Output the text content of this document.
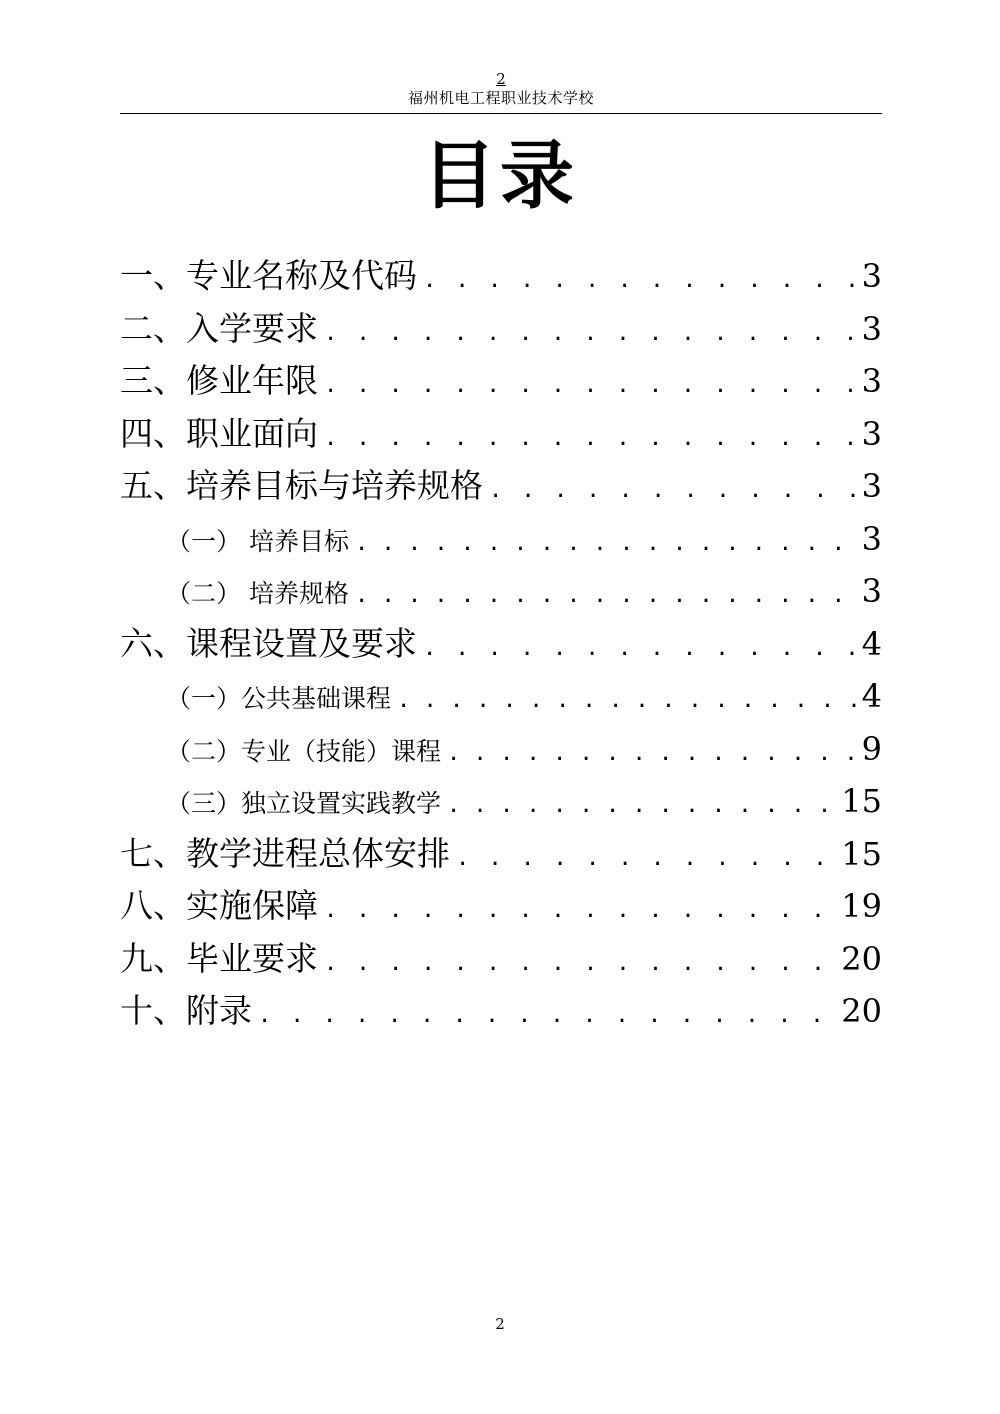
2
福州机电工程职业技术学校
目录
一、专业名称及代码 . . .	3
二、入学要求 . . .	3
三、修业年限 . . .	3
四、职业面向 . . .	3
五、培养目标与培养规格 . . .	3
（一） 培养目标 . . .	3
（二） 培养规格 . . .	3
六、课程设置及要求 . . .	4
（一）公共基础课程 . . .	4
（二）专业（技能）课程 . . .	9
（三）独立设置实践教学 . . .	15
七、教学进程总体安排 . . .	15
八、实施保障 . . .	19
九、毕业要求 . . .	20
十、附录 . . .	20
2
